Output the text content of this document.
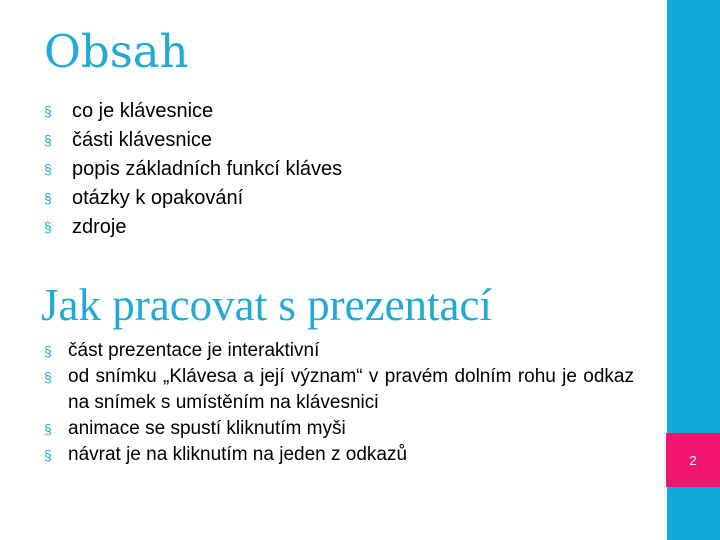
2
Obsah
§ co je klávesnice
§ části klávesnice
§ popis základních funkcí kláves
§ otázky k opakování
§ zdroje
Jak pracovat s prezentací
§ část prezentace je interaktivní
§ od snímku „Klávesa a její význam“ v pravém dolním rohu je odkaz na snímek s umístěním na klávesnici
§ animace se spustí kliknutím myši
§ návrat je na kliknutím na jeden z odkazů
